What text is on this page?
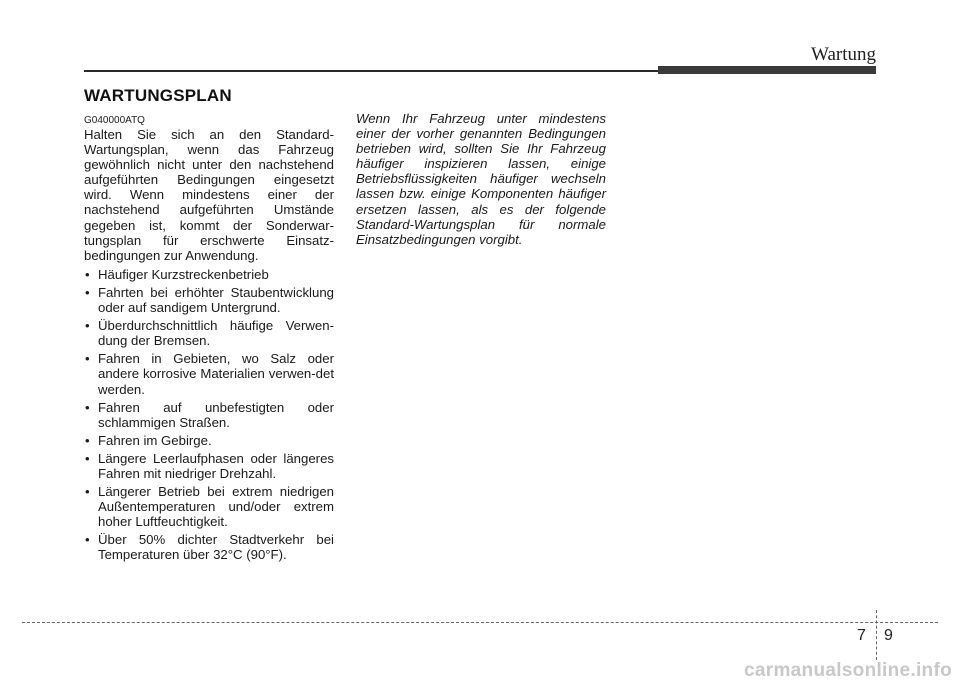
Wartung
WARTUNGSPLAN
G040000ATQ

Halten Sie sich an den Standard-Wartungsplan, wenn das Fahrzeug gewöhnlich nicht unter den nachstehend aufgeführten Bedingungen eingesetzt wird. Wenn mindestens einer der nachstehend aufgeführten Umstände gegeben ist, kommt der Sonderwar-tungsplan für erschwerte Einsatz-bedingungen zur Anwendung.

• Häufiger Kurzstreckenbetrieb
• Fahrten bei erhöhter Staubentwicklung oder auf sandigem Untergrund.
• Überdurchschnittlich häufige Verwen-dung der Bremsen.
• Fahren in Gebieten, wo Salz oder andere korrosive Materialien verwen-det werden.
• Fahren auf unbefestigten oder schlammigen Straßen.
• Fahren im Gebirge.
• Längere Leerlaufphasen oder längeres Fahren mit niedriger Drehzahl.
• Längerer Betrieb bei extrem niedrigen Außentemperaturen und/oder extrem hoher Luftfeuchtigkeit.
• Über 50% dichter Stadtverkehr bei Temperaturen über 32°C (90°F).

Wenn Ihr Fahrzeug unter mindestens einer der vorher genannten Bedingungen betrieben wird, sollten Sie Ihr Fahrzeug häufiger inspizieren lassen, einige Betriebsflüssigkeiten häufiger wechseln lassen bzw. einige Komponenten häufiger ersetzen lassen, als es der folgende Standard-Wartungsplan für normale Einsatzbedingungen vorgibt.

7 9
carmanualsonline.info
